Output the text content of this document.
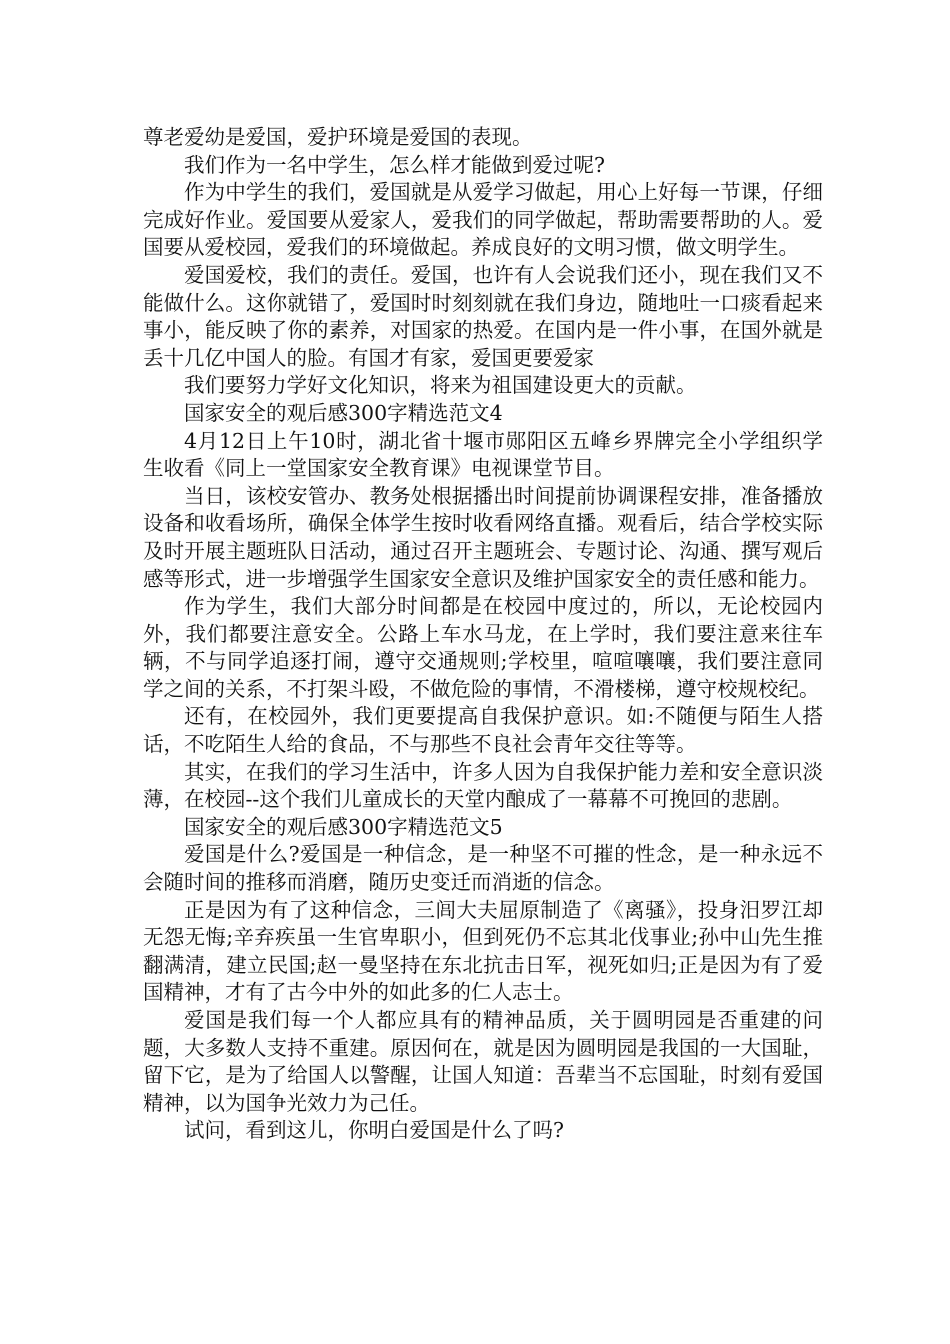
尊老爱幼是爱国，爱护环境是爱国的表现。

我们作为一名中学生，怎么样才能做到爱过呢?

作为中学生的我们，爱国就是从爱学习做起，用心上好每一节课，仔细完成好作业。爱国要从爱家人，爱我们的同学做起，帮助需要帮助的人。爱国要从爱校园，爱我们的环境做起。养成良好的文明习惯，做文明学生。

爱国爱校，我们的责任。爱国，也许有人会说我们还小，现在我们又不能做什么。这你就错了，爱国时时刻刻就在我们身边，随地吐一口痰看起来事小，能反映了你的素养，对国家的热爱。在国内是一件小事，在国外就是丢十几亿中国人的脸。有国才有家，爱国更要爱家

我们要努力学好文化知识，将来为祖国建设更大的贡献。

国家安全的观后感300字精选范文4

4月12日上午10时，湖北省十堰市郧阳区五峰乡界牌完全小学组织学生收看《同上一堂国家安全教育课》电视课堂节目。

当日，该校安管办、教务处根据播出时间提前协调课程安排，准备播放设备和收看场所，确保全体学生按时收看网络直播。观看后，结合学校实际及时开展主题班队日活动，通过召开主题班会、专题讨论、沟通、撰写观后感等形式，进一步增强学生国家安全意识及维护国家安全的责任感和能力。

作为学生，我们大部分时间都是在校园中度过的，所以，无论校园内外，我们都要注意安全。公路上车水马龙，在上学时，我们要注意来往车辆，不与同学追逐打闹，遵守交通规则;学校里，喧喧嚷嚷，我们要注意同学之间的关系，不打架斗殴，不做危险的事情，不滑楼梯，遵守校规校纪。

还有，在校园外，我们更要提高自我保护意识。如:不随便与陌生人搭话，不吃陌生人给的食品，不与那些不良社会青年交往等等。

其实，在我们的学习生活中，许多人因为自我保护能力差和安全意识淡薄，在校园--这个我们儿童成长的天堂内酿成了一幕幕不可挽回的悲剧。

国家安全的观后感300字精选范文5

爱国是什么?爱国是一种信念，是一种坚不可摧的性念，是一种永远不会随时间的推移而消磨，随历史变迁而消逝的信念。

正是因为有了这种信念，三闾大夫屈原制造了《离骚》，投身汨罗江却无怨无悔;辛弃疾虽一生官卑职小，但到死仍不忘其北伐事业;孙中山先生推翻满清，建立民国;赵一曼坚持在东北抗击日军，视死如归;正是因为有了爱国精神，才有了古今中外的如此多的仁人志士。

爱国是我们每一个人都应具有的精神品质，关于圆明园是否重建的问题，大多数人支持不重建。原因何在，就是因为圆明园是我国的一大国耻，留下它，是为了给国人以警醒，让国人知道：吾辈当不忘国耻，时刻有爱国精神，以为国争光效力为己任。

试问，看到这儿，你明白爱国是什么了吗?
